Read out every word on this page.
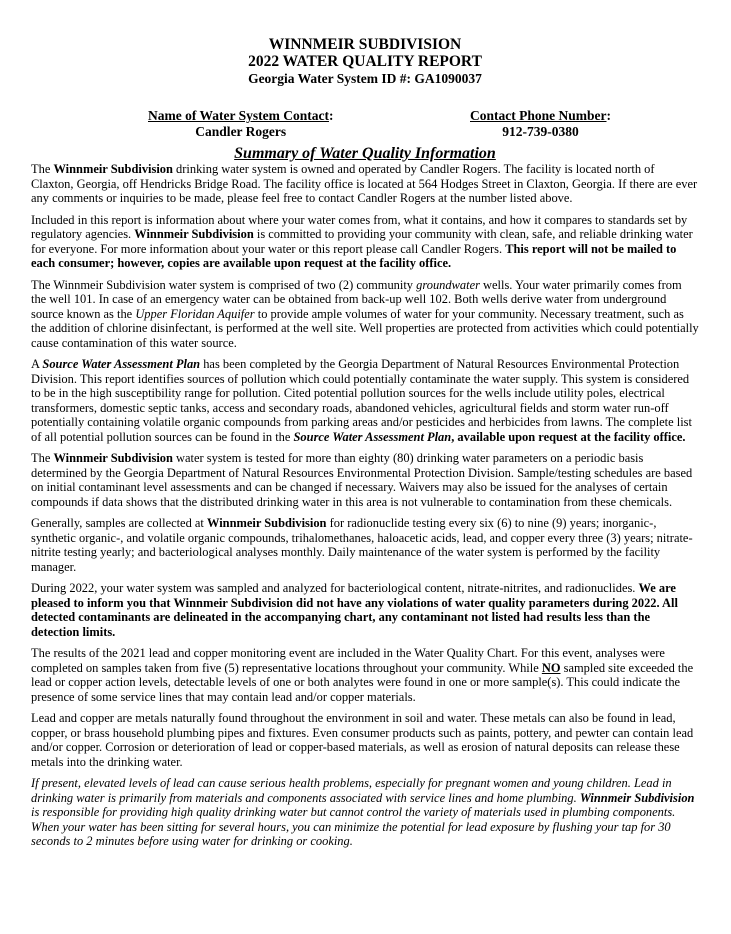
WINNMEIR SUBDIVISION
2022 WATER QUALITY REPORT
Georgia Water System ID #: GA1090037
Name of Water System Contact:
Candler Rogers
Contact Phone Number:
912-739-0380
Summary of Water Quality Information

The Winnmeir Subdivision drinking water system is owned and operated by Candler Rogers. The facility is located north of Claxton, Georgia, off Hendricks Bridge Road. The facility office is located at 564 Hodges Street in Claxton, Georgia. If there are ever any comments or inquiries to be made, please feel free to contact Candler Rogers at the number listed above.

Included in this report is information about where your water comes from, what it contains, and how it compares to standards set by regulatory agencies. Winnmeir Subdivision is committed to providing your community with clean, safe, and reliable drinking water for everyone. For more information about your water or this report please call Candler Rogers. This report will not be mailed to each consumer; however, copies are available upon request at the facility office.

The Winnmeir Subdivision water system is comprised of two (2) community groundwater wells. Your water primarily comes from the well 101. In case of an emergency water can be obtained from back-up well 102. Both wells derive water from underground source known as the Upper Floridan Aquifer to provide ample volumes of water for your community. Necessary treatment, such as the addition of chlorine disinfectant, is performed at the well site. Well properties are protected from activities which could potentially cause contamination of this water source.

A Source Water Assessment Plan has been completed by the Georgia Department of Natural Resources Environmental Protection Division. This report identifies sources of pollution which could potentially contaminate the water supply. This system is considered to be in the high susceptibility range for pollution. Cited potential pollution sources for the wells include utility poles, electrical transformers, domestic septic tanks, access and secondary roads, abandoned vehicles, agricultural fields and storm water run-off potentially containing volatile organic compounds from parking areas and/or pesticides and herbicides from lawns. The complete list of all potential pollution sources can be found in the Source Water Assessment Plan, available upon request at the facility office.

The Winnmeir Subdivision water system is tested for more than eighty (80) drinking water parameters on a periodic basis determined by the Georgia Department of Natural Resources Environmental Protection Division. Sample/testing schedules are based on initial contaminant level assessments and can be changed if necessary. Waivers may also be issued for the analyses of certain compounds if data shows that the distributed drinking water in this area is not vulnerable to contamination from these chemicals.

Generally, samples are collected at Winnmeir Subdivision for radionuclide testing every six (6) to nine (9) years; inorganic-, synthetic organic-, and volatile organic compounds, trihalomethanes, haloacetic acids, lead, and copper every three (3) years; nitrate-nitrite testing yearly; and bacteriological analyses monthly. Daily maintenance of the water system is performed by the facility manager.

During 2022, your water system was sampled and analyzed for bacteriological content, nitrate-nitrites, and radionuclides. We are pleased to inform you that Winnmeir Subdivision did not have any violations of water quality parameters during 2022. All detected contaminants are delineated in the accompanying chart, any contaminant not listed had results less than the detection limits.

The results of the 2021 lead and copper monitoring event are included in the Water Quality Chart. For this event, analyses were completed on samples taken from five (5) representative locations throughout your community. While NO sampled site exceeded the lead or copper action levels, detectable levels of one or both analytes were found in one or more sample(s). This could indicate the presence of some service lines that may contain lead and/or copper materials.

Lead and copper are metals naturally found throughout the environment in soil and water. These metals can also be found in lead, copper, or brass household plumbing pipes and fixtures. Even consumer products such as paints, pottery, and pewter can contain lead and/or copper. Corrosion or deterioration of lead or copper-based materials, as well as erosion of natural deposits can release these metals into the drinking water.

If present, elevated levels of lead can cause serious health problems, especially for pregnant women and young children. Lead in drinking water is primarily from materials and components associated with service lines and home plumbing. Winnmeir Subdivision is responsible for providing high quality drinking water but cannot control the variety of materials used in plumbing components. When your water has been sitting for several hours, you can minimize the potential for lead exposure by flushing your tap for 30 seconds to 2 minutes before using water for drinking or cooking.
